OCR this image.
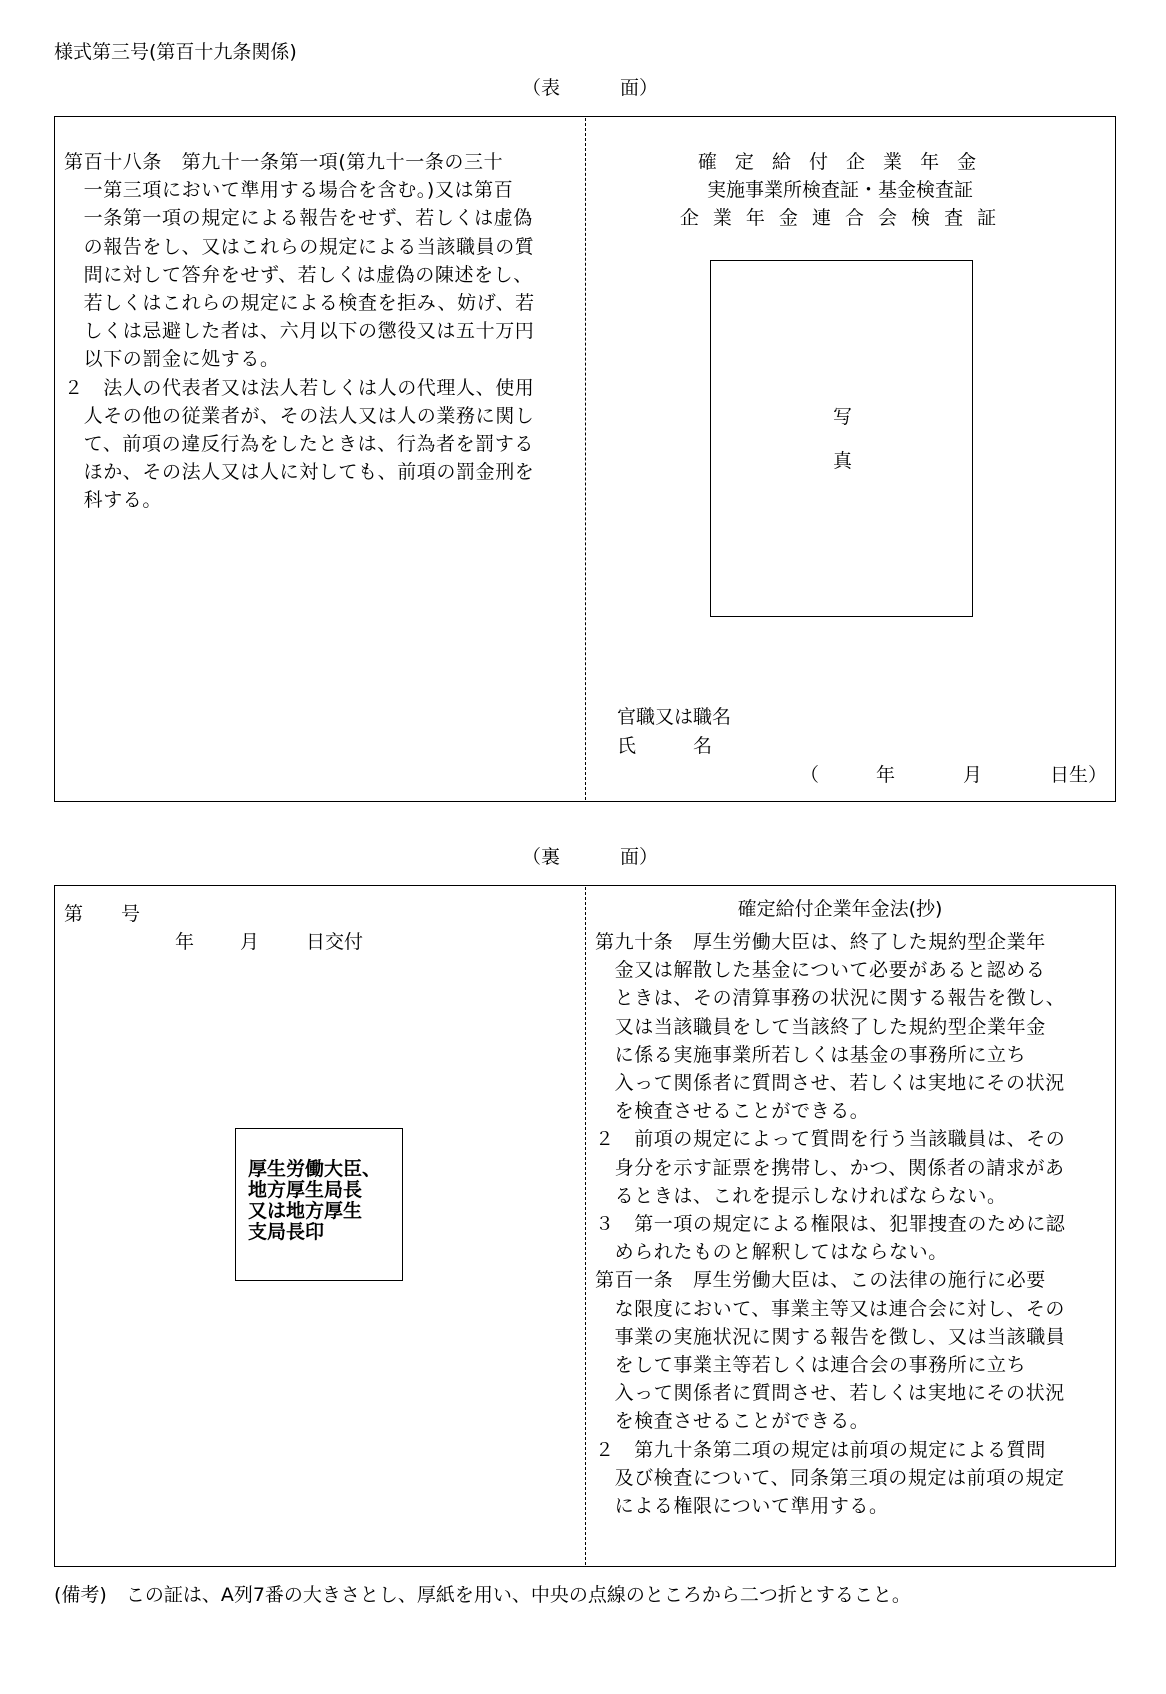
様式第三号(第百十九条関係)
（表	面）
第百十八条　第九十一条第一項(第九十一条の三十
　一第三項において準用する場合を含む。)又は第百
　一条第一項の規定による報告をせず、若しくは虚偽
　の報告をし、又はこれらの規定による当該職員の質
　問に対して答弁をせず、若しくは虚偽の陳述をし、
　若しくはこれらの規定による検査を拒み、妨げ、若
　しくは忌避した者は、六月以下の懲役又は五十万円
　以下の罰金に処する。
２　法人の代表者又は法人若しくは人の代理人、使用
　人その他の従業者が、その法人又は人の業務に関し
　て、前項の違反行為をしたときは、行為者を罰する
　ほか、その法人又は人に対しても、前項の罰金刑を
　科する。
確 定 給 付 企 業 年 金
実施事業所検査証・基金検査証
企 業 年 金 連 合 会 検 査 証
写
真
官職又は職名
氏　　　名
（	年	月	日生）
（裏	面）
第　　号
年 月 日交付
厚生労働大臣、
地方厚生局長
又は地方厚生
支局長印
確定給付企業年金法(抄)
第九十条　厚生労働大臣は、終了した規約型企業年
　金又は解散した基金について必要があると認める
　ときは、その清算事務の状況に関する報告を徴し、
　又は当該職員をして当該終了した規約型企業年金
　に係る実施事業所若しくは基金の事務所に立ち
　入って関係者に質問させ、若しくは実地にその状況
　を検査させることができる。
２　前項の規定によって質問を行う当該職員は、その
　身分を示す証票を携帯し、かつ、関係者の請求があ
　るときは、これを提示しなければならない。
３　第一項の規定による権限は、犯罪捜査のために認
　められたものと解釈してはならない。
第百一条　厚生労働大臣は、この法律の施行に必要
　な限度において、事業主等又は連合会に対し、その
　事業の実施状況に関する報告を徴し、又は当該職員
　をして事業主等若しくは連合会の事務所に立ち
　入って関係者に質問させ、若しくは実地にその状況
　を検査させることができる。
２　第九十条第二項の規定は前項の規定による質問
　及び検査について、同条第三項の規定は前項の規定
　による権限について準用する。
(備考)　この証は、A列7番の大きさとし、厚紙を用い、中央の点線のところから二つ折とすること。
